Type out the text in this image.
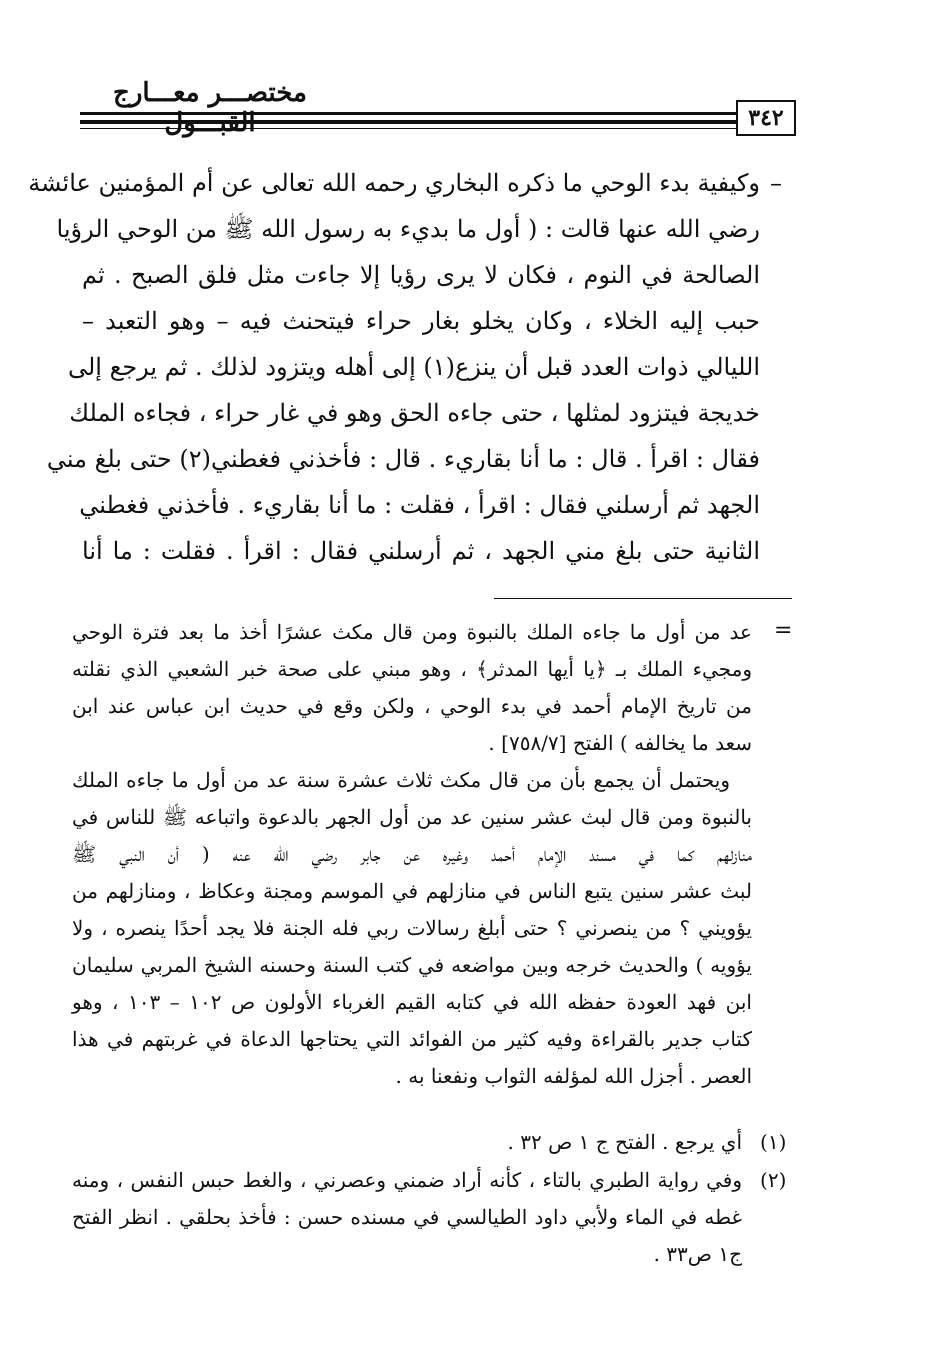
مختصـــر معـــارج
٣٤٢
–
وكيفية بدء الوحي ما ذكره البخاري رحمه الله تعالى عن أم المؤمنين عائشة
رضي الله عنها قالت : ( أول ما بديء به رسول الله ﷺ من الوحي الرؤيا
الصالحة في النوم ، فكان لا يرى رؤيا إلا جاءت مثل فلق الصبح . ثم
حبب إليه الخلاء ، وكان يخلو بغار حراء فيتحنث فيه – وهو التعبد –
الليالي ذوات العدد قبل أن ينزع(١) إلى أهله ويتزود لذلك . ثم يرجع إلى
خديجة فيتزود لمثلها ، حتى جاءه الحق وهو في غار حراء ، فجاءه الملك
فقال : اقرأ . قال : ما أنا بقاريء . قال : فأخذني فغطني(٢) حتى بلغ مني
الجهد ثم أرسلني فقال : اقرأ ، فقلت : ما أنا بقاريء . فأخذني فغطني
الثانية حتى بلغ مني الجهد ، ثم أرسلني فقال : اقرأ . فقلت : ما أنا
=
عد من أول ما جاءه الملك بالنبوة ومن قال مكث عشرًا أخذ ما بعد فترة الوحي
ومجيء الملك بـ ﴿يا أيها المدثر﴾ ، وهو مبني على صحة خبر الشعبي الذي نقلته
من تاريخ الإمام أحمد في بدء الوحي ، ولكن وقع في حديث ابن عباس عند ابن
سعد ما يخالفه ) الفتح [٧٥٨/٧] .
ويحتمل أن يجمع بأن من قال مكث ثلاث عشرة سنة عد من أول ما جاءه الملك
بالنبوة ومن قال لبث عشر سنين عد من أول الجهر بالدعوة واتباعه ﷺ للناس في
منازلهم كما في مسند الإمام أحمد وغيره عن جابر رضي الله عنه ( أن النبي ﷺ
لبث عشر سنين يتبع الناس في منازلهم في الموسم ومجنة وعكاظ ، ومنازلهم من
يؤويني ؟ من ينصرني ؟ حتى أبلغ رسالات ربي فله الجنة فلا يجد أحدًا ينصره ، ولا
يؤويه ) والحديث خرجه وبين مواضعه في كتب السنة وحسنه الشيخ المربي سليمان
ابن فهد العودة حفظه الله في كتابه القيم الغرباء الأولون ص ١٠٢ – ١٠٣ ، وهو
كتاب جدير بالقراءة وفيه كثير من الفوائد التي يحتاجها الدعاة في غربتهم في هذا
العصر . أجزل الله لمؤلفه الثواب ونفعنا به .
(١)
أي يرجع . الفتح ج ١ ص ٣٢ .
(٢)
وفي رواية الطبري بالتاء ، كأنه أراد ضمني وعصرني ، والغط حبس النفس ، ومنه
غطه في الماء ولأبي داود الطيالسي في مسنده حسن : فأخذ بحلقي . انظر الفتح
ج١ ص٣٣ .
